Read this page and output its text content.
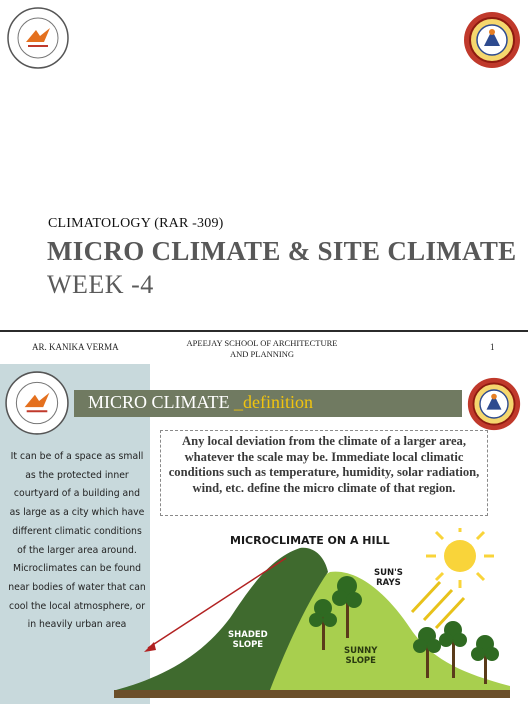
CLIMATOLOGY (RAR -309)
MICRO CLIMATE & SITE CLIMATE
WEEK -4
AR. KANIKA VERMA	APEEJAY SCHOOL OF ARCHITECTURE
AND PLANNING
1
It can be of a space as small as the protected inner courtyard of a building and as large as a city which have different climatic conditions of the larger area around. Microclimates can be found near bodies of water that can cool the local atmosphere, or in heavily urban area
MICRO CLIMATE _definition
Any local deviation from the climate of a larger area, whatever the scale may be. Immediate local climatic conditions such as temperature, humidity, solar radiation, wind, etc. define the micro climate of that region.
MICROCLIMATE ON A HILL
SHADED
SLOPE
SUNNY
SLOPE
SUN'S
RAYS
